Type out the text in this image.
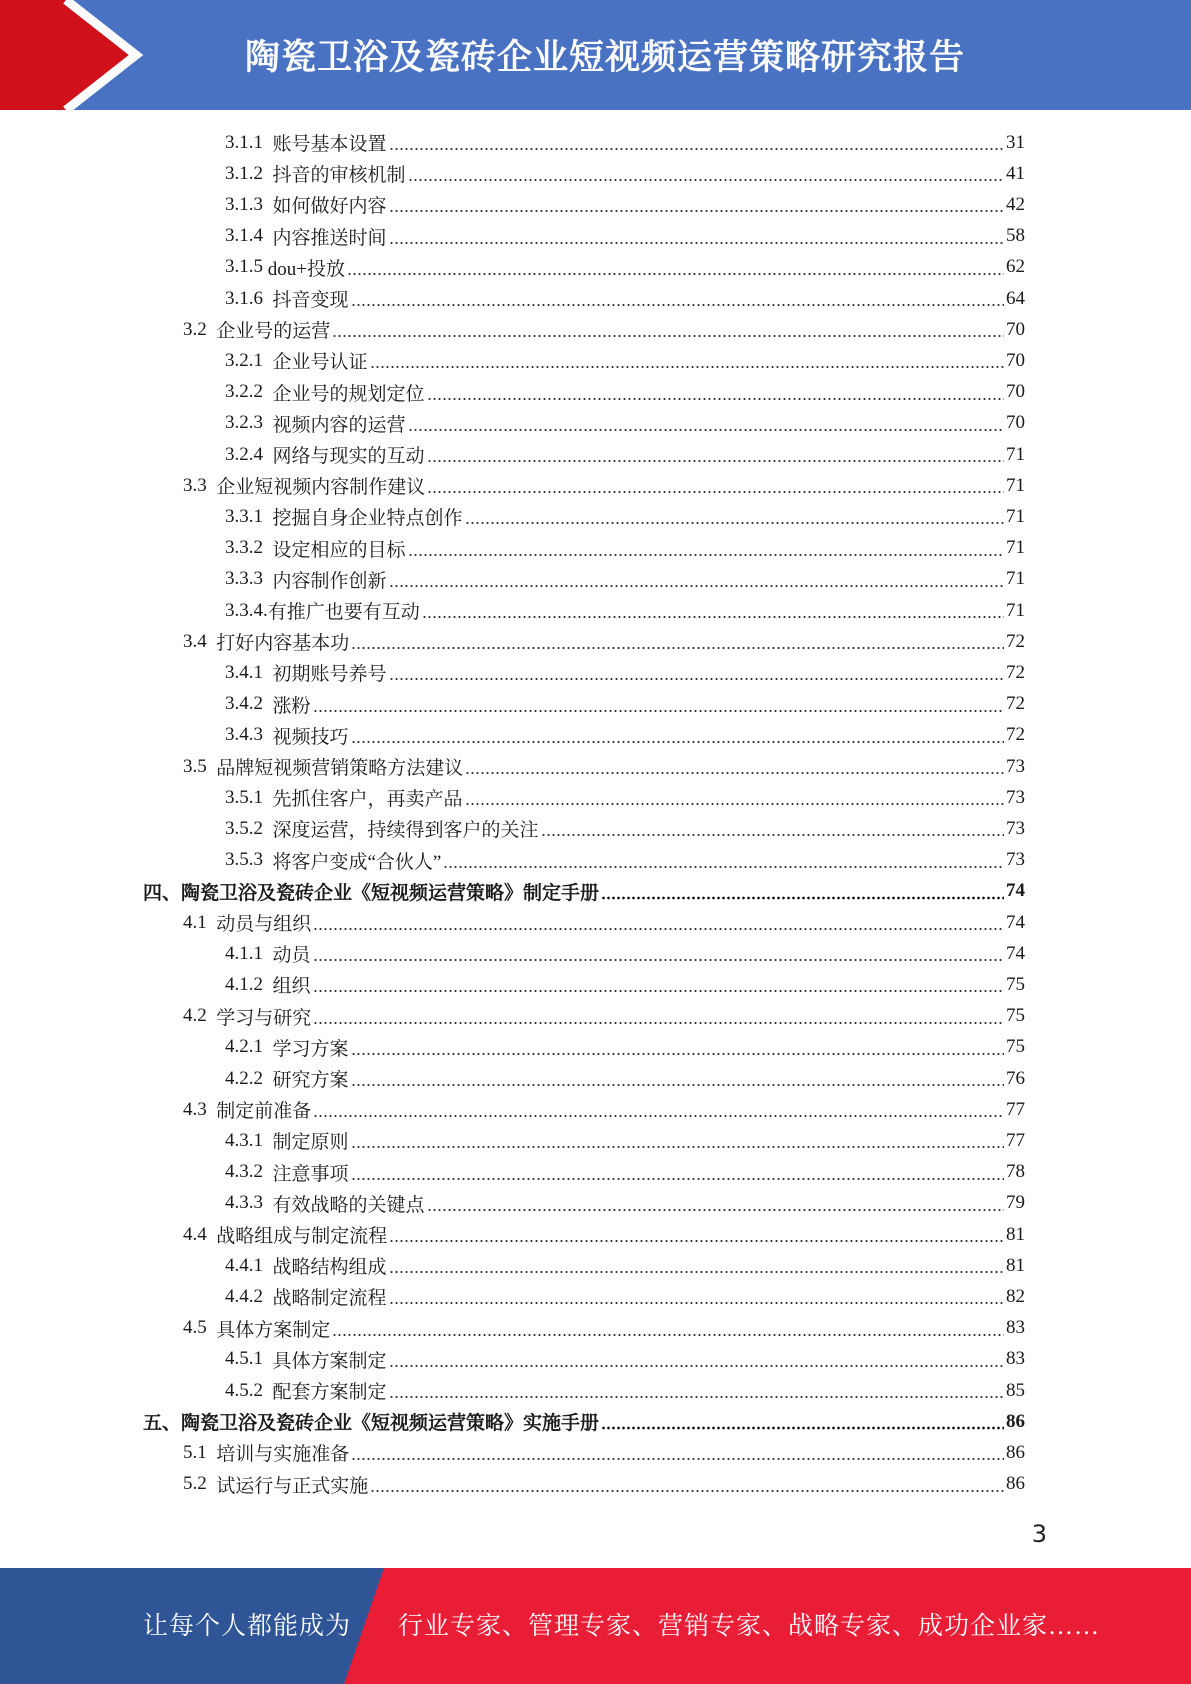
陶瓷卫浴及瓷砖企业短视频运营策略研究报告
3.1.1 账号基本设置	31
3.1.2 抖音的审核机制	41
3.1.3 如何做好内容	42
3.1.4 内容推送时间	58
3.1.5 dou+投放	62
3.1.6 抖音变现	64
3.2 企业号的运营	70
3.2.1 企业号认证	70
3.2.2 企业号的规划定位	70
3.2.3 视频内容的运营	70
3.2.4 网络与现实的互动	71
3.3 企业短视频内容制作建议	71
3.3.1 挖掘自身企业特点创作	71
3.3.2 设定相应的目标	71
3.3.3 内容制作创新	71
3.3.4. 有推广也要有互动	71
3.4 打好内容基本功	72
3.4.1 初期账号养号	72
3.4.2 涨粉	72
3.4.3 视频技巧	72
3.5 品牌短视频营销策略方法建议	73
3.5.1 先抓住客户，再卖产品	73
3.5.2 深度运营，持续得到客户的关注	73
3.5.3 将客户变成“合伙人”	73
四、 陶瓷卫浴及瓷砖企业《短视频运营策略》制定手册	74
4.1 动员与组织	74
4.1.1 动员	74
4.1.2 组织	75
4.2 学习与研究	75
4.2.1 学习方案	75
4.2.2 研究方案	76
4.3 制定前准备	77
4.3.1 制定原则	77
4.3.2 注意事项	78
4.3.3 有效战略的关键点	79
4.4 战略组成与制定流程	81
4.4.1 战略结构组成	81
4.4.2 战略制定流程	82
4.5 具体方案制定	83
4.5.1 具体方案制定	83
4.5.2 配套方案制定	85
五、 陶瓷卫浴及瓷砖企业《短视频运营策略》实施手册	86
5.1 培训与实施准备	86
5.2 试运行与正式实施	86
3
让每个人都能成为 行业专家、管理专家、营销专家、战略专家、成功企业家……
